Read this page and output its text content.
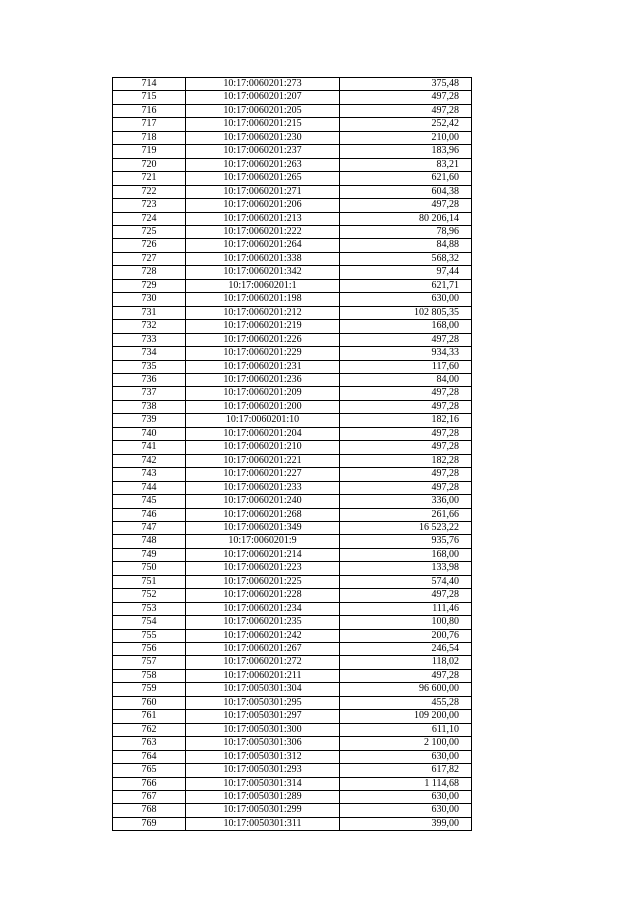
714	10:17:0060201:273	375,48
715	10:17:0060201:207	497,28
716	10:17:0060201:205	497,28
717	10:17:0060201:215	252,42
718	10:17:0060201:230	210,00
719	10:17:0060201:237	183,96
720	10:17:0060201:263	83,21
721	10:17:0060201:265	621,60
722	10:17:0060201:271	604,38
723	10:17:0060201:206	497,28
724	10:17:0060201:213	80 206,14
725	10:17:0060201:222	78,96
726	10:17:0060201:264	84,88
727	10:17:0060201:338	568,32
728	10:17:0060201:342	97,44
729	10:17:0060201:1	621,71
730	10:17:0060201:198	630,00
731	10:17:0060201:212	102 805,35
732	10:17:0060201:219	168,00
733	10:17:0060201:226	497,28
734	10:17:0060201:229	934,33
735	10:17:0060201:231	117,60
736	10:17:0060201:236	84,00
737	10:17:0060201:209	497,28
738	10:17:0060201:200	497,28
739	10:17:0060201:10	182,16
740	10:17:0060201:204	497,28
741	10:17:0060201:210	497,28
742	10:17:0060201:221	182,28
743	10:17:0060201:227	497,28
744	10:17:0060201:233	497,28
745	10:17:0060201:240	336,00
746	10:17:0060201:268	261,66
747	10:17:0060201:349	16 523,22
748	10:17:0060201:9	935,76
749	10:17:0060201:214	168,00
750	10:17:0060201:223	133,98
751	10:17:0060201:225	574,40
752	10:17:0060201:228	497,28
753	10:17:0060201:234	111,46
754	10:17:0060201:235	100,80
755	10:17:0060201:242	200,76
756	10:17:0060201:267	246,54
757	10:17:0060201:272	118,02
758	10:17:0060201:211	497,28
759	10:17:0050301:304	96 600,00
760	10:17:0050301:295	455,28
761	10:17:0050301:297	109 200,00
762	10:17:0050301:300	611,10
763	10:17:0050301:306	2 100,00
764	10:17:0050301:312	630,00
765	10:17:0050301:293	617,82
766	10:17:0050301:314	1 114,68
767	10:17:0050301:289	630,00
768	10:17:0050301:299	630,00
769	10:17:0050301:311	399,00
